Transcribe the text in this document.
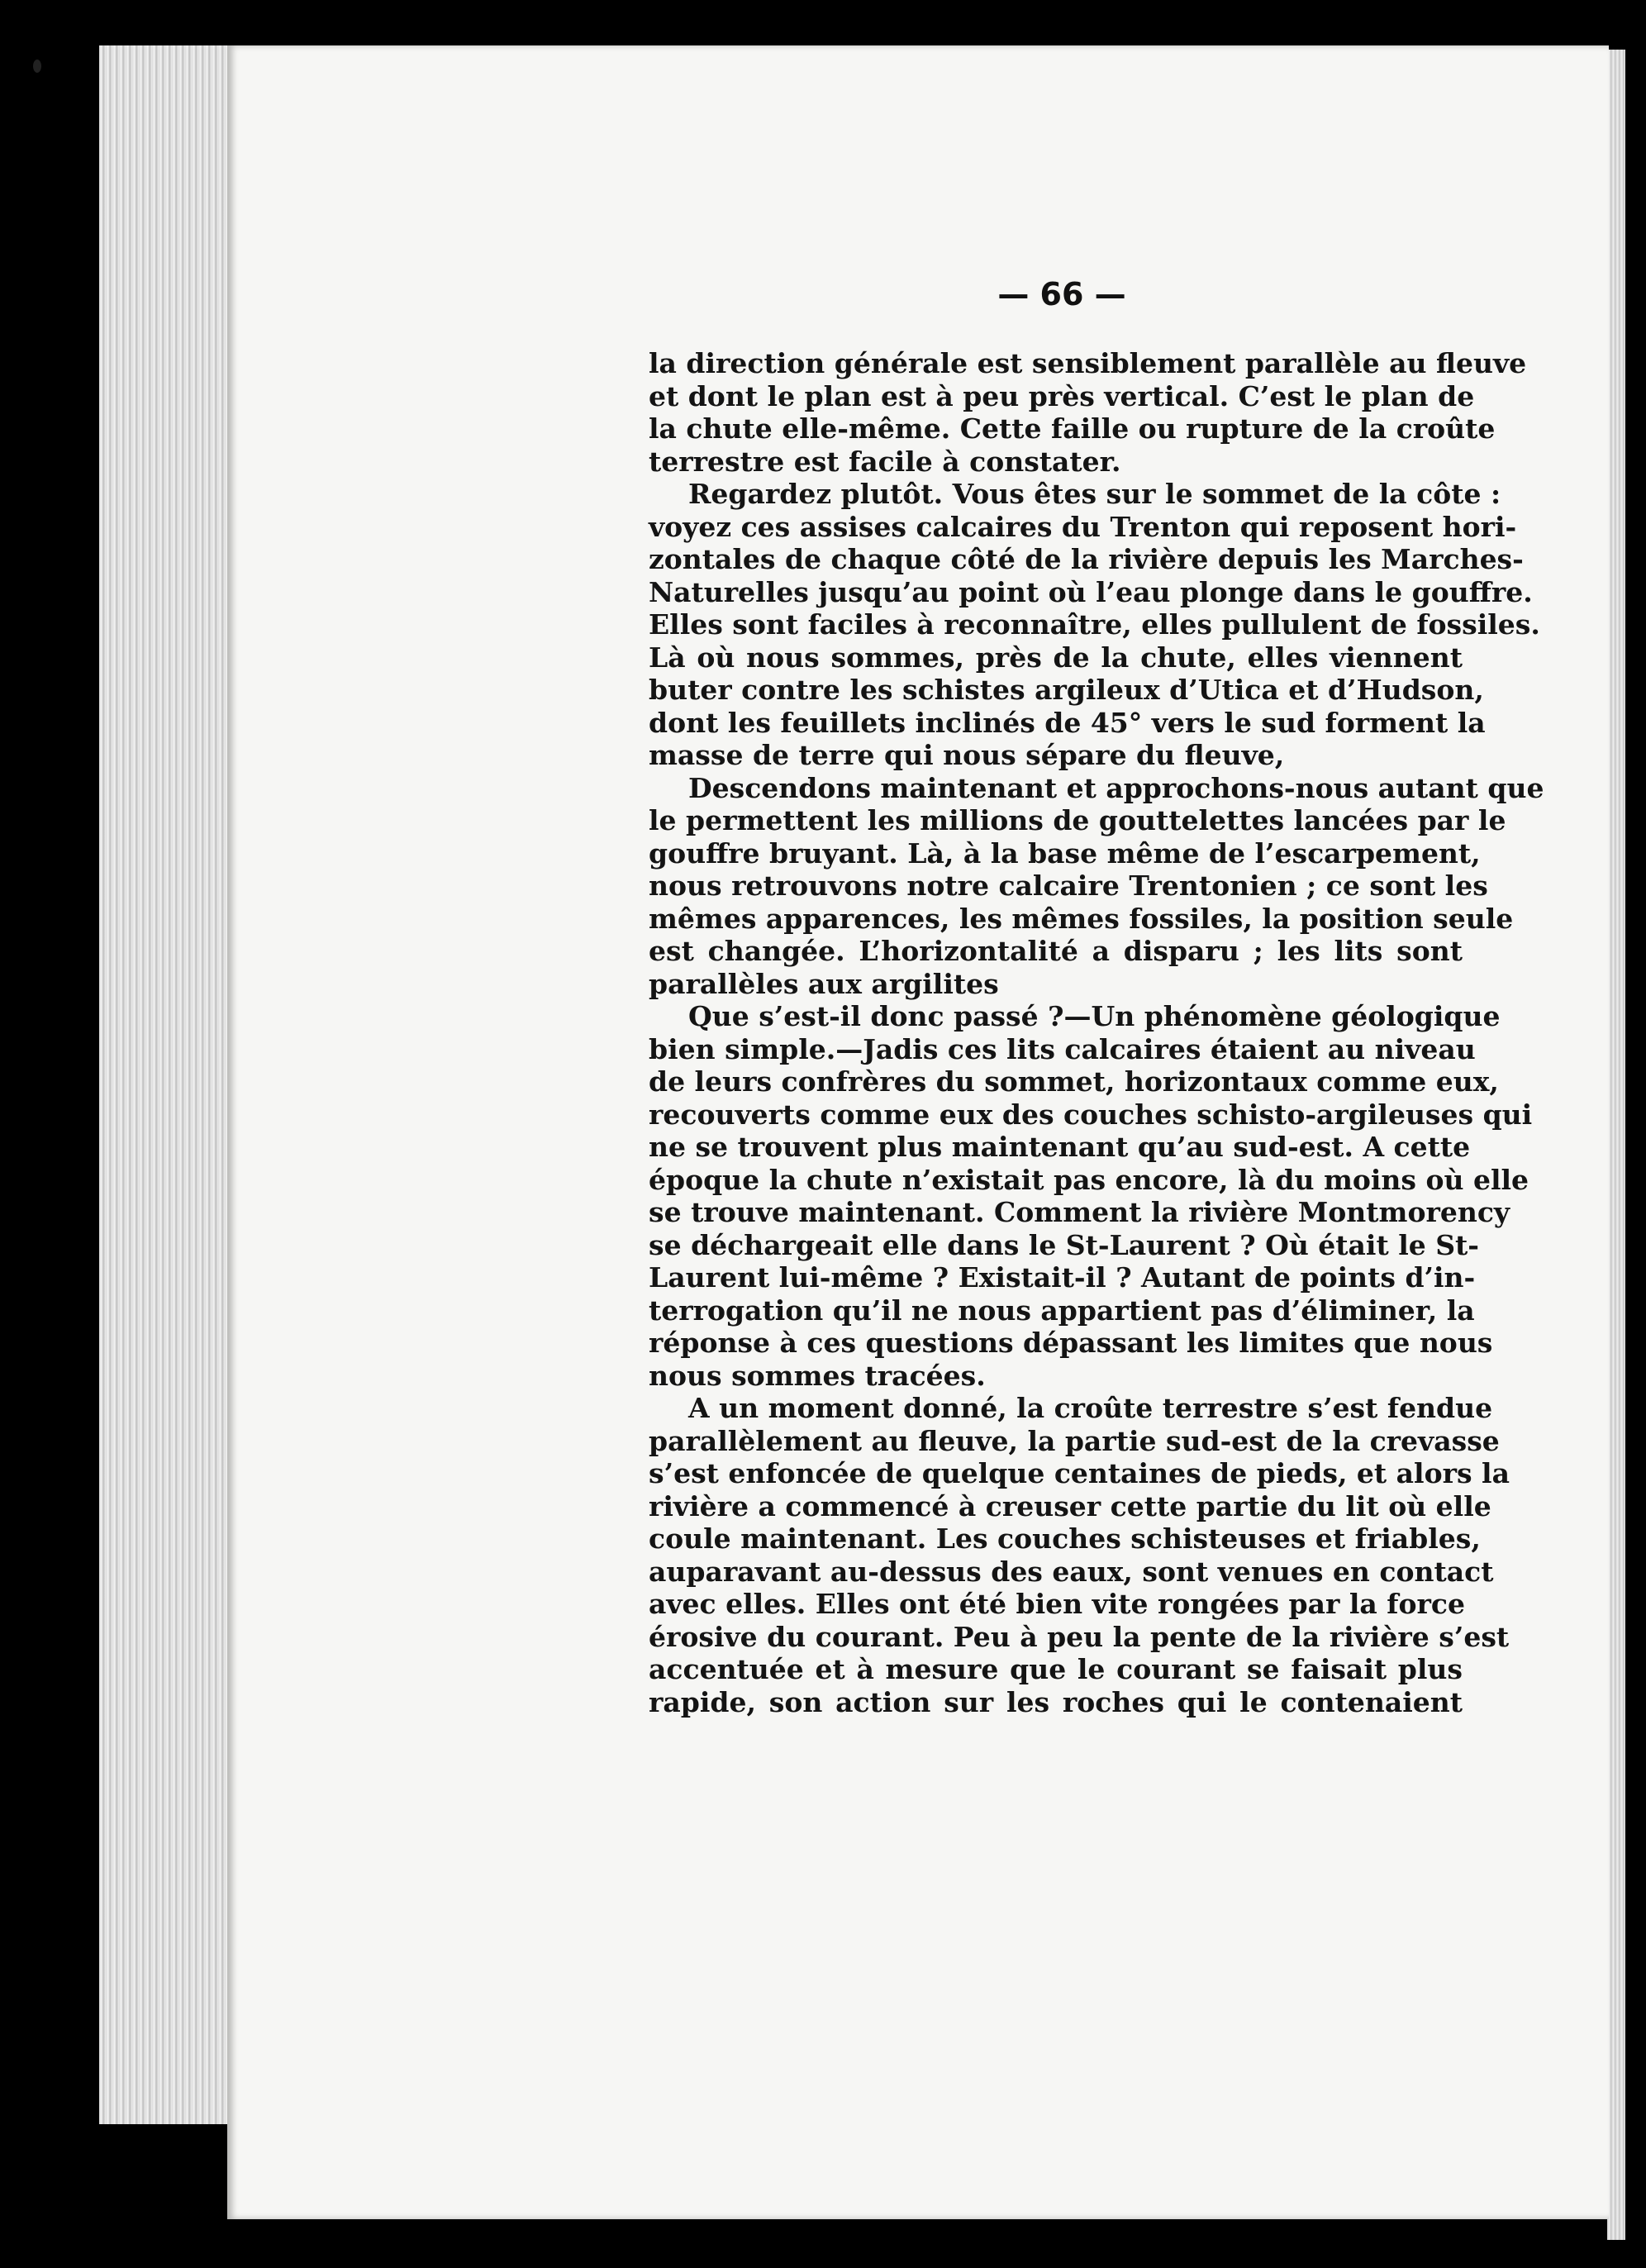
— 66 —
la direction générale est sensiblement parallèle au fleuve
et dont le plan est à peu près vertical. C’est le plan de
la chute elle-même. Cette faille ou rupture de la croûte
terrestre est facile à constater.
Regardez plutôt. Vous êtes sur le sommet de la côte :
voyez ces assises calcaires du Trenton qui reposent hori-
zontales de chaque côté de la rivière depuis les Marches-
Naturelles jusqu’au point où l’eau plonge dans le gouffre.
Elles sont faciles à reconnaître, elles pullulent de fossiles.
Là où nous sommes, près de la chute, elles viennent
buter contre les schistes argileux d’Utica et d’Hudson,
dont les feuillets inclinés de 45° vers le sud forment la
masse de terre qui nous sépare du fleuve,
Descendons maintenant et approchons-nous autant que
le permettent les millions de gouttelettes lancées par le
gouffre bruyant. Là, à la base même de l’escarpement,
nous retrouvons notre calcaire Trentonien ; ce sont les
mêmes apparences, les mêmes fossiles, la position seule
est changée. L’horizontalité a disparu ; les lits sont
parallèles aux argilites
Que s’est-il donc passé ?—Un phénomène géologique
bien simple.—Jadis ces lits calcaires étaient au niveau
de leurs confrères du sommet, horizontaux comme eux,
recouverts comme eux des couches schisto-argileuses qui
ne se trouvent plus maintenant qu’au sud-est. A cette
époque la chute n’existait pas encore, là du moins où elle
se trouve maintenant. Comment la rivière Montmorency
se déchargeait elle dans le St-Laurent ? Où était le St-
Laurent lui-même ? Existait-il ? Autant de points d’in-
terrogation qu’il ne nous appartient pas d’éliminer, la
réponse à ces questions dépassant les limites que nous
nous sommes tracées.
A un moment donné, la croûte terrestre s’est fendue
parallèlement au fleuve, la partie sud-est de la crevasse
s’est enfoncée de quelque centaines de pieds, et alors la
rivière a commencé à creuser cette partie du lit où elle
coule maintenant. Les couches schisteuses et friables,
auparavant au-dessus des eaux, sont venues en contact
avec elles. Elles ont été bien vite rongées par la force
érosive du courant. Peu à peu la pente de la rivière s’est
accentuée et à mesure que le courant se faisait plus
rapide, son action sur les roches qui le contenaient
